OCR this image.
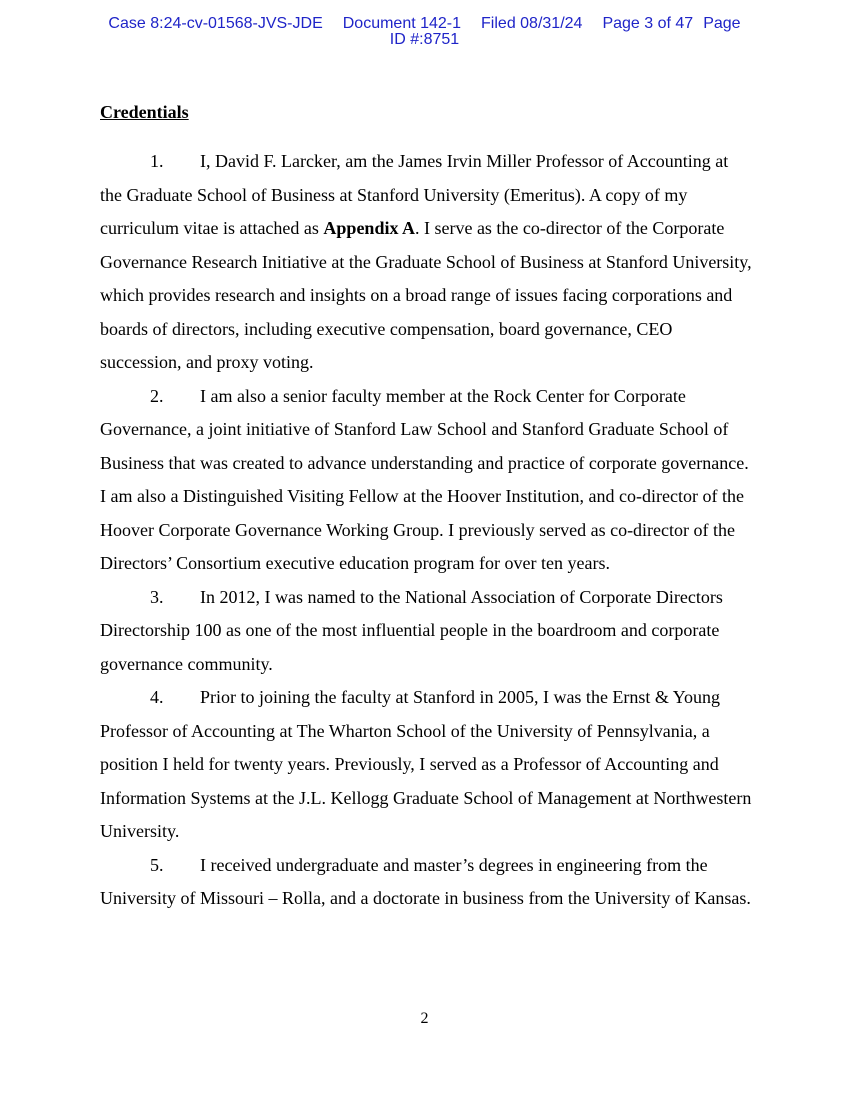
Case 8:24-cv-01568-JVS-JDE Document 142-1 Filed 08/31/24 Page 3 of 47 Page
ID #:8751
Credentials

1. I, David F. Larcker, am the James Irvin Miller Professor of Accounting at the Graduate School of Business at Stanford University (Emeritus). A copy of my curriculum vitae is attached as Appendix A. I serve as the co-director of the Corporate Governance Research Initiative at the Graduate School of Business at Stanford University, which provides research and insights on a broad range of issues facing corporations and boards of directors, including executive compensation, board governance, CEO succession, and proxy voting.

2. I am also a senior faculty member at the Rock Center for Corporate Governance, a joint initiative of Stanford Law School and Stanford Graduate School of Business that was created to advance understanding and practice of corporate governance. I am also a Distinguished Visiting Fellow at the Hoover Institution, and co-director of the Hoover Corporate Governance Working Group. I previously served as co-director of the Directors’ Consortium executive education program for over ten years.

3. In 2012, I was named to the National Association of Corporate Directors Directorship 100 as one of the most influential people in the boardroom and corporate governance community.

4. Prior to joining the faculty at Stanford in 2005, I was the Ernst & Young Professor of Accounting at The Wharton School of the University of Pennsylvania, a position I held for twenty years. Previously, I served as a Professor of Accounting and Information Systems at the J.L. Kellogg Graduate School of Management at Northwestern University.

5. I received undergraduate and master’s degrees in engineering from the University of Missouri – Rolla, and a doctorate in business from the University of Kansas.

2
